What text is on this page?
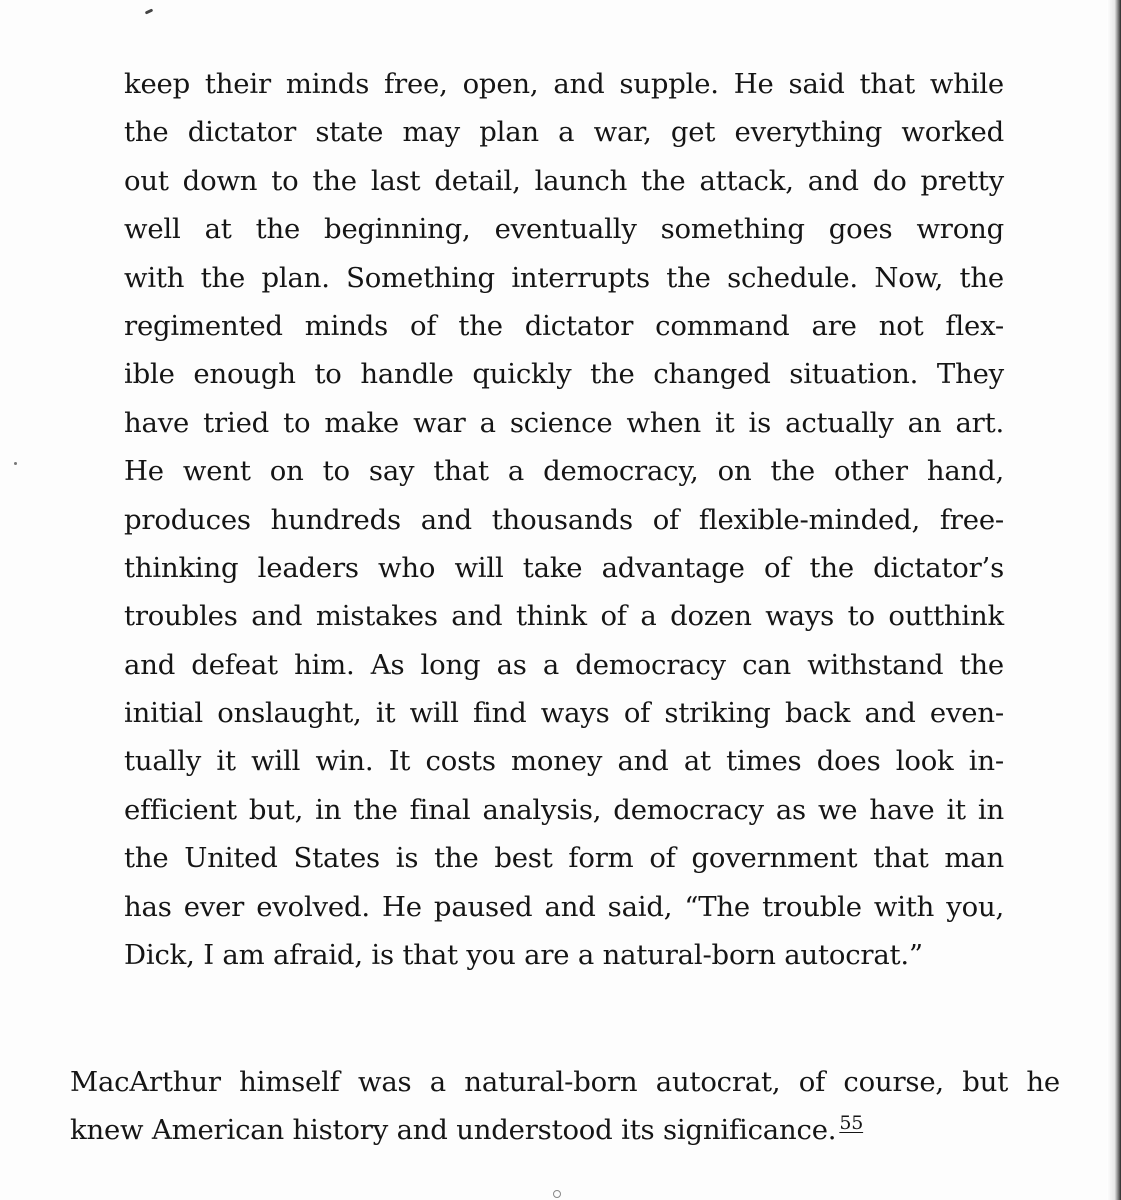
keep their minds free, open, and supple. He said that while
the dictator state may plan a war, get everything worked
out down to the last detail, launch the attack, and do pretty
well at the beginning, eventually something goes wrong
with the plan. Something interrupts the schedule. Now, the
regimented minds of the dictator command are not flex-
ible enough to handle quickly the changed situation. They
have tried to make war a science when it is actually an art.
He went on to say that a democracy, on the other hand,
produces hundreds and thousands of flexible-minded, free-
thinking leaders who will take advantage of the dictator’s
troubles and mistakes and think of a dozen ways to outthink
and defeat him. As long as a democracy can withstand the
initial onslaught, it will find ways of striking back and even-
tually it will win. It costs money and at times does look in-
efficient but, in the final analysis, democracy as we have it in
the United States is the best form of government that man
has ever evolved. He paused and said, “The trouble with you,
Dick, I am afraid, is that you are a natural-born autocrat.”
MacArthur himself was a natural-born autocrat, of course, but he
knew American history and understood its significance. $^{55}$
